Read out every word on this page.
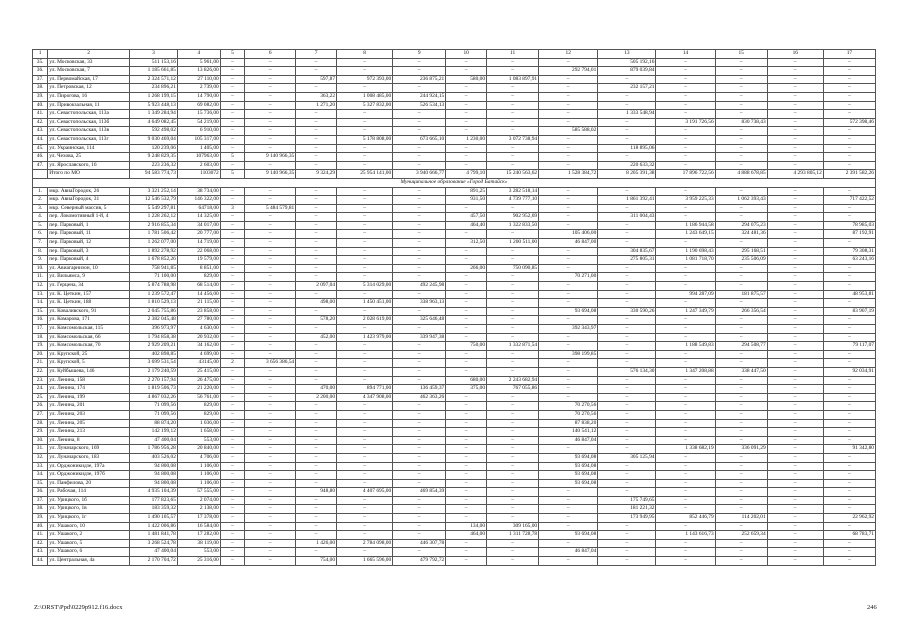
1	2	3	4	5	6	7	8	9	10	11	12	13	14	15	16	17
35.	ул. Московская, 33	511 153,16	5 961,00	–	–	–	–	–	–	–	–	505 192,16	–	–	–	–
36.	ул. Московская, 7	1 185 661,85	13 826,00	–	–	–	–	–	–	–	292 794,01	879 039,84	–	–	–	–
37.	ул. Первомайская, 17	2 324 571,12	27 110,00	–	–	597,87	972 393,00	236 875,21	580,00	1 083 897,91	–	–	–	–	–	–
38.	ул. Петровская, 12	234 896,21	2 739,00	–	–	–	–	–	–	–	–	232 157,21	–	–	–	–
39.	ул. Пирогова, 16	1 268 199,15	14 790,00	–	–	363,22	1 008 485,00	244 924,15	–	–	–	–	–	–	–	–
40.	ул. Привокзальная, 11	5 923 448,13	69 082,00	–	–	1 271,20	5 327 832,00	526 534,13	–	–	–	–	–	–	–	–
41.	ул. Севастопольская, 113а	1 349 284,94	15 736,00	–	–	–	–	–	–	–	–	1 333 548,94	–	–	–	–
42.	ул. Севастопольская, 113б	4 649 082,45	54 219,00	–	–	–	–	–	–	–	–	–	3 191 726,56	830 738,43	–	572 398,46
43.	ул. Севастопольская, 113в	592 498,02	6 910,00	–	–	–	–	–	–	–	585 588,02	–	–	–	–	–
44.	ул. Севастопольская, 113г	9 030 469,04	105 317,00	–	–	–	5 178 808,00	673 665,10	1 230,00	3 072 738,94	–	–	–	–	–	–
45.	ул. Украинская, 114	120 239,06	1 405,00	–	–	–	–	–	–	–	–	118 895,06	–	–	–	–
46.	ул. Чехова, 25	9 248 829,35	107963,00	5	9 140 966,35	–	–	–	–	–	–	–	–	–	–	–
47.	ул. Ярославского, 16	223 236,32	2 603,00	–	–	–	–	–	–	–	–	220 633,32	–	–	–	–
	Итого по МО	94 583 774,73	1103072	5	9 140 966,35	9 324,29	25 954 141,00	3 940 666,77	4 799,10	15 240 563,62	1 528 384,72	8 205 391,38	17 896 722,56	4 888 678,85	4 293 805,12	2 391 582,26
Муниципальное образование «Город Батайск»																
1.	мкр. АвиаГородок, 26	3 321 252,14	38 734,00	–	–	–	–	–	891,25	3 282 518,14	–	–	–	–	–	–
2.	мкр. АвиаГородок, 31	12 546 532,79	146 322,00	–	–	–	–	–	931,50	4 739 777,10	–	1 861 392,41	3 959 225,33	1 062 393,43	–	717 422,52
3.	мкр. Северный массив, 5	5 549 297,81	64718,00	3	5 484 579,81	–	–	–	–	–	–	–	–	–	–	–
4.	пер. Локомотивный 1-й, 4	1 228 262,12	14 325,00	–	–	–	–	–	457,50	902 952,69	–	311 004,43	–	–	–	–
5.	пер. Парковый, 1	2 916 855,34	34 017,00	–	–	–	–	–	464,40	1 322 833,50	–	–	1 186 944,58	294 075,23	–	78 985,03
6.	пер. Парковый, 11	1 781 506,42	20 777,00	–	–	–	–	–	–	–	105 406,00	–	1 243 649,15	324 481,36	–	87 192,91
7.	пер. Парковый, 12	1 262 077,00	14 719,00	–	–	–	–	–	312,50	1 200 511,00	46 847,00	–	–	–	–	–
8.	пер. Парковый, 3	1 892 278,92	22 068,00	–	–	–	–	–	–	–	–	304 835,67	1 190 698,43	295 168,51	–	79 308,31
9.	пер. Парковый, 4	1 678 852,26	19 579,00	–	–	–	–	–	–	–	–	275 805,31	1 081 718,70	235 506,09	–	63 243,16
10.	ул. Авиагарнизон, 10	758 941,85	8 851,00	–	–	–	–	–	266,00	750 090,85	–	–	–	–	–	–
11.	ул. Вильямса, 9	71 100,00	829,00	–	–	–	–	–	–	–	70 271,00	–	–	–	–	–
12.	ул. Герцена, 34	5 874 788,98	68 514,00	–	–	2 097,04	5 314 029,00	492 245,98	–	–	–	–	–	–	–	–
13.	ул. К. Цеткин, 157	1 239 572,47	14 456,00	–	–	–	–	–	–	–	–	–	994 287,09	181 875,57	–	48 953,81
14.	ул. К. Цеткин, 188	1 810 529,13	21 115,00	–	–	498,00	1 450 451,00	338 963,13	–	–	–	–	–	–	–	–
15.	ул. Коваливского, 91	2 045 755,86	23 858,00	–	–	–	–	–	–	–	93 694,08	330 590,26	1 247 349,79	266 356,54	–	83 907,19
16.	ул. Комарова, 171	2 382 045,48	27 780,00	–	–	578,20	2 028 619,00	325 646,48	–	–	–	–	–	–	–	–
17.	ул. Комсомольская, 115	396 973,97	4 630,00	–	–	–	–	–	–	–	392 343,97	–	–	–	–	–
18.	ул. Комсомольская, 66	1 794 858,38	20 932,00	–	–	452,00	1 423 979,00	339 947,38	–	–	–	–	–	–	–	–
19.	ул. Комсомольская, 70	2 929 209,21	34 162,00	–	–	–	–	–	750,00	1 332 871,54	–	–	1 188 549,83	294 508,77	–	79 117,07
20.	ул. Крупской, 25	402 898,85	4 699,00	–	–	–	–	–	–	–	398 199,85	–	–	–	–	–
21.	ул. Крупской, 5	3 699 531,54	43145,00	2	3 656 386,54	–	–	–	–	–	–	–	–	–	–	–
22.	ул. Куйбышева, 146	2 179 240,59	25 415,00	–	–	–	–	–	–	–	–	576 134,30	1 347 208,88	338 447,50	–	92 034,91
23.	ул. Ленина, 158	2 270 157,94	26 475,00	–	–	–	–	–	680,00	2 243 682,94	–	–	–	–	–	–
24.	ул. Ленина, 174	1 819 506,73	21 220,00	–	–	470,00	894 771,00	136 459,37	375,00	767 055,86	–	–	–	–	–	–
25.	ул. Ленина, 199	4 867 032,26	56 761,00	–	–	2 200,00	4 347 908,00	462 363,26	–	–	–	–	–	–	–	–
26.	ул. Ленина, 201	71 099,56	829,00	–	–	–	–	–	–	–	70 270,56	–	–	–	–	–
27.	ул. Ленина, 203	71 099,56	829,00	–	–	–	–	–	–	–	70 270,56	–	–	–	–	–
28.	ул. Ленина, 205	88 874,20	1 036,00	–	–	–	–	–	–	–	87 838,20	–	–	–	–	–
29.	ул. Ленина, 213	142 199,12	1 658,00	–	–	–	–	–	–	–	140 541,12	–	–	–	–	–
30.	ул. Ленина, 8	47 400,04	553,00	–	–	–	–	–	–	–	46 847,04	–	–	–	–	–
31.	ул. Луначарского, 169	1 786 956,28	20 840,00	–	–	–	–	–	–	–	–	–	1 338 682,19	336 091,29	–	91 342,80
32.	ул. Луначарского, 183	403 526,02	4 706,00	–	–	–	–	–	–	–	93 694,08	305 125,94	–	–	–	–
33.	ул. Орджоникидзе, 197а	94 800,08	1 106,00	–	–	–	–	–	–	–	93 694,08	–	–	–	–	–
34.	ул. Орджоникидзе, 197б	94 800,08	1 106,00	–	–	–	–	–	–	–	93 694,08	–	–	–	–	–
35.	ул. Панфилова, 20	94 800,08	1 106,00	–	–	–	–	–	–	–	93 694,08	–	–	–	–	–
36.	ул. Рабочая, 114	4 935 104,39	57 555,00	–	–	948,80	4 407 695,00	469 854,39	–	–	–	–	–	–	–	–
37.	ул. Урицкого, 1б	177 823,65	2 074,00	–	–	–	–	–	–	–	–	175 749,65	–	–	–	–
38.	ул. Урицкого, 1в	183 359,32	2 138,00	–	–	–	–	–	–	–	–	181 221,32	–	–	–	–
39.	ул. Урицкого, 1г	1 490 105,57	17 378,00	–	–	–	–	–	–	–	–	173 949,95	852 446,79	114 202,01	–	22 962,92
40.	ул. Ушакого, 10	1 422 006,86	16 584,00	–	–	–	–	–	134,00	309 165,00	–	–	–	–	–	–
41.	ул. Ушакого, 2	1 481 841,78	17 282,00	–	–	–	–	–	464,00	1 311 728,78	93 694,08	–	1 143 616,73	252 659,34	–	68 783,71
42.	ул. Ушакого, 5	3 268 524,78	38 119,00	–	–	1 426,00	2 784 098,00	446 307,78	–	–	–	–	–	–	–	–
43.	ул. Ушакого, 6	47 400,04	553,00	–	–	–	–	–	–	–	46 847,04	–	–	–	–	–
44.	ул. Центральная, 4а	2 170 704,72	25 316,00	–	–	754,00	1 665 596,00	479 792,72	–	–	–	–	–	–	–	–
Z:\ORST\Ppd\0229p912.f16.docx	246
